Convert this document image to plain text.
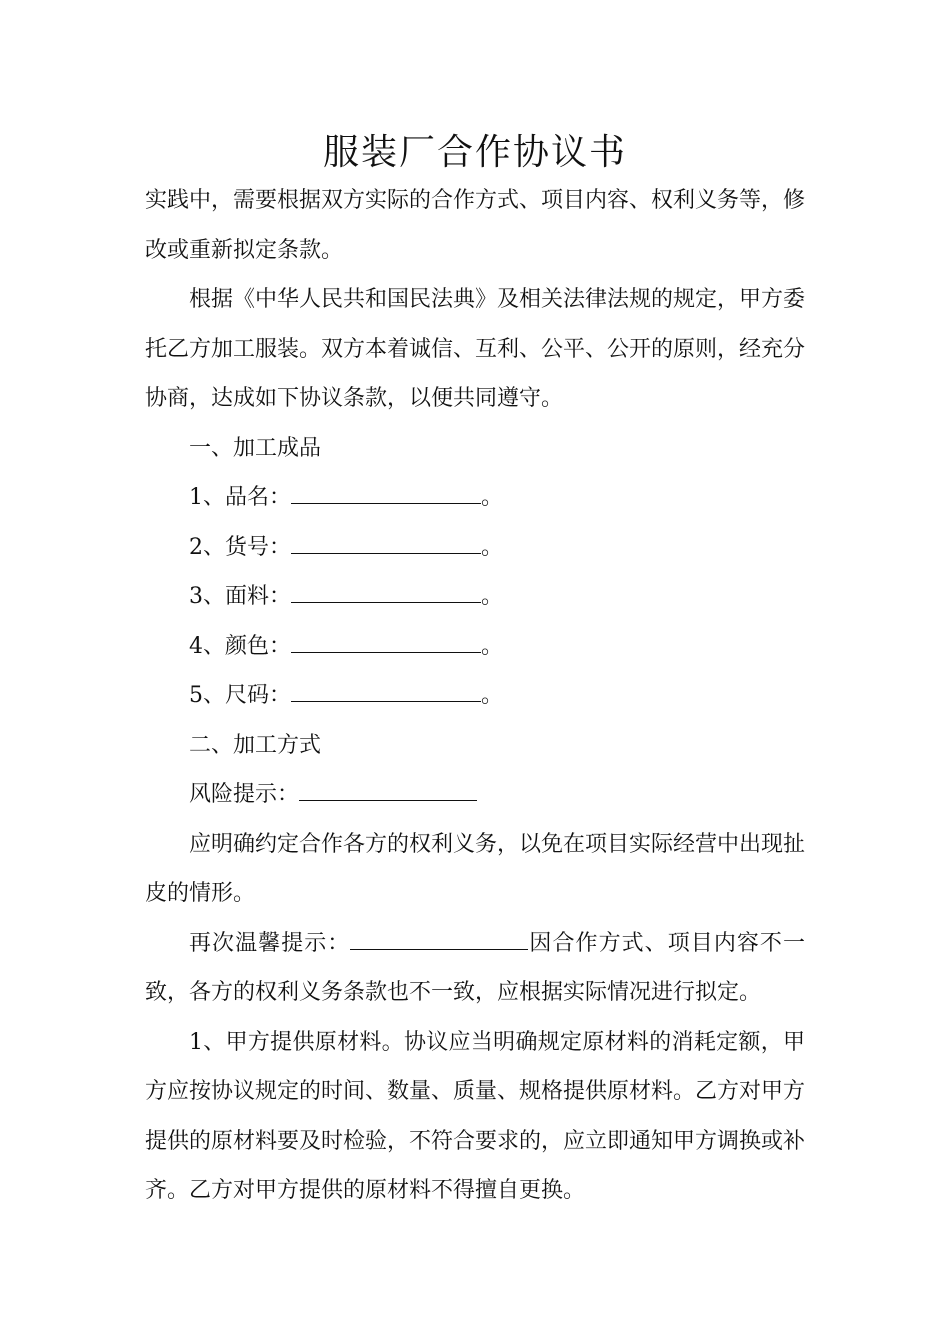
服装厂合作协议书

实践中，需要根据双方实际的合作方式、项目内容、权利义务等，修改或重新拟定条款。

根据《中华人民共和国民法典》及相关法律法规的规定，甲方委托乙方加工服装。双方本着诚信、互利、公平、公开的原则，经充分协商，达成如下协议条款，以便共同遵守。

一、加工成品

1、品名：	。

2、货号：	。

3、面料：	。

4、颜色：	。

5、尺码：	。

二、加工方式

风险提示：

应明确约定合作各方的权利义务，以免在项目实际经营中出现扯皮的情形。

再次温馨提示：	因合作方式、项目内容不一致，各方的权利义务条款也不一致，应根据实际情况进行拟定。

1、甲方提供原材料。协议应当明确规定原材料的消耗定额，甲方应按协议规定的时间、数量、质量、规格提供原材料。乙方对甲方提供的原材料要及时检验，不符合要求的，应立即通知甲方调换或补齐。乙方对甲方提供的原材料不得擅自更换。
